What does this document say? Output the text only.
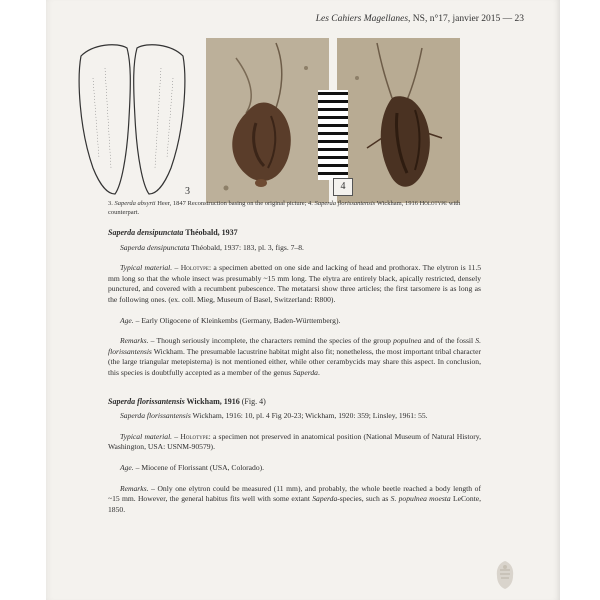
Les Cahiers Magellanes, NS, n°17, janvier 2015 — 23
3	4
3. Saperda absyrti Heer, 1847 Reconstruction basing on the original picture; 4. Saperda florissantensis Wickham, 1916 Holotype with counterpart.

Saperda densipunctata Théobald, 1937

Saperda densipunctata Théobald, 1937: 183, pl. 3, figs. 7–8.

Typical material. – Holotype: a specimen abetted on one side and lacking of head and prothorax. The elytron is 11.5 mm long so that the whole insect was presumably ~15 mm long. The elytra are entirely black, apically restricted, densely punctured, and covered with a recumbent pubescence. The metatarsi show three articles; the first tarsomere is as long as the following ones. (ex. coll. Mieg, Museum of Basel, Switzerland: R800).

Age. – Early Oligocene of Kleinkembs (Germany, Baden-Württemberg).

Remarks. – Though seriously incomplete, the characters remind the species of the group populnea and of the fossil S. florissantensis Wickham. The presumable lacustrine habitat might also fit; nonetheless, the most important tribal character (the large triangular metepisterna) is not mentioned either, while other cerambycids may share this aspect. In conclusion, this species is doubtfully accepted as a member of the genus Saperda.

Saperda florissantensis Wickham, 1916 (Fig. 4)

Saperda florissantensis Wickham, 1916: 10, pl. 4 Fig 20-23; Wickham, 1920: 359; Linsley, 1961: 55.

Typical material. – Holotype: a specimen not preserved in anatomical position (National Museum of Natural History, Washington, USA: USNM-90579).

Age. – Miocene of Florissant (USA, Colorado).

Remarks. – Only one elytron could be measured (11 mm), and probably, the whole beetle reached a body length of ~15 mm. However, the general habitus fits well with some extant Saperda-species, such as S. populnea moesta LeConte, 1850.
